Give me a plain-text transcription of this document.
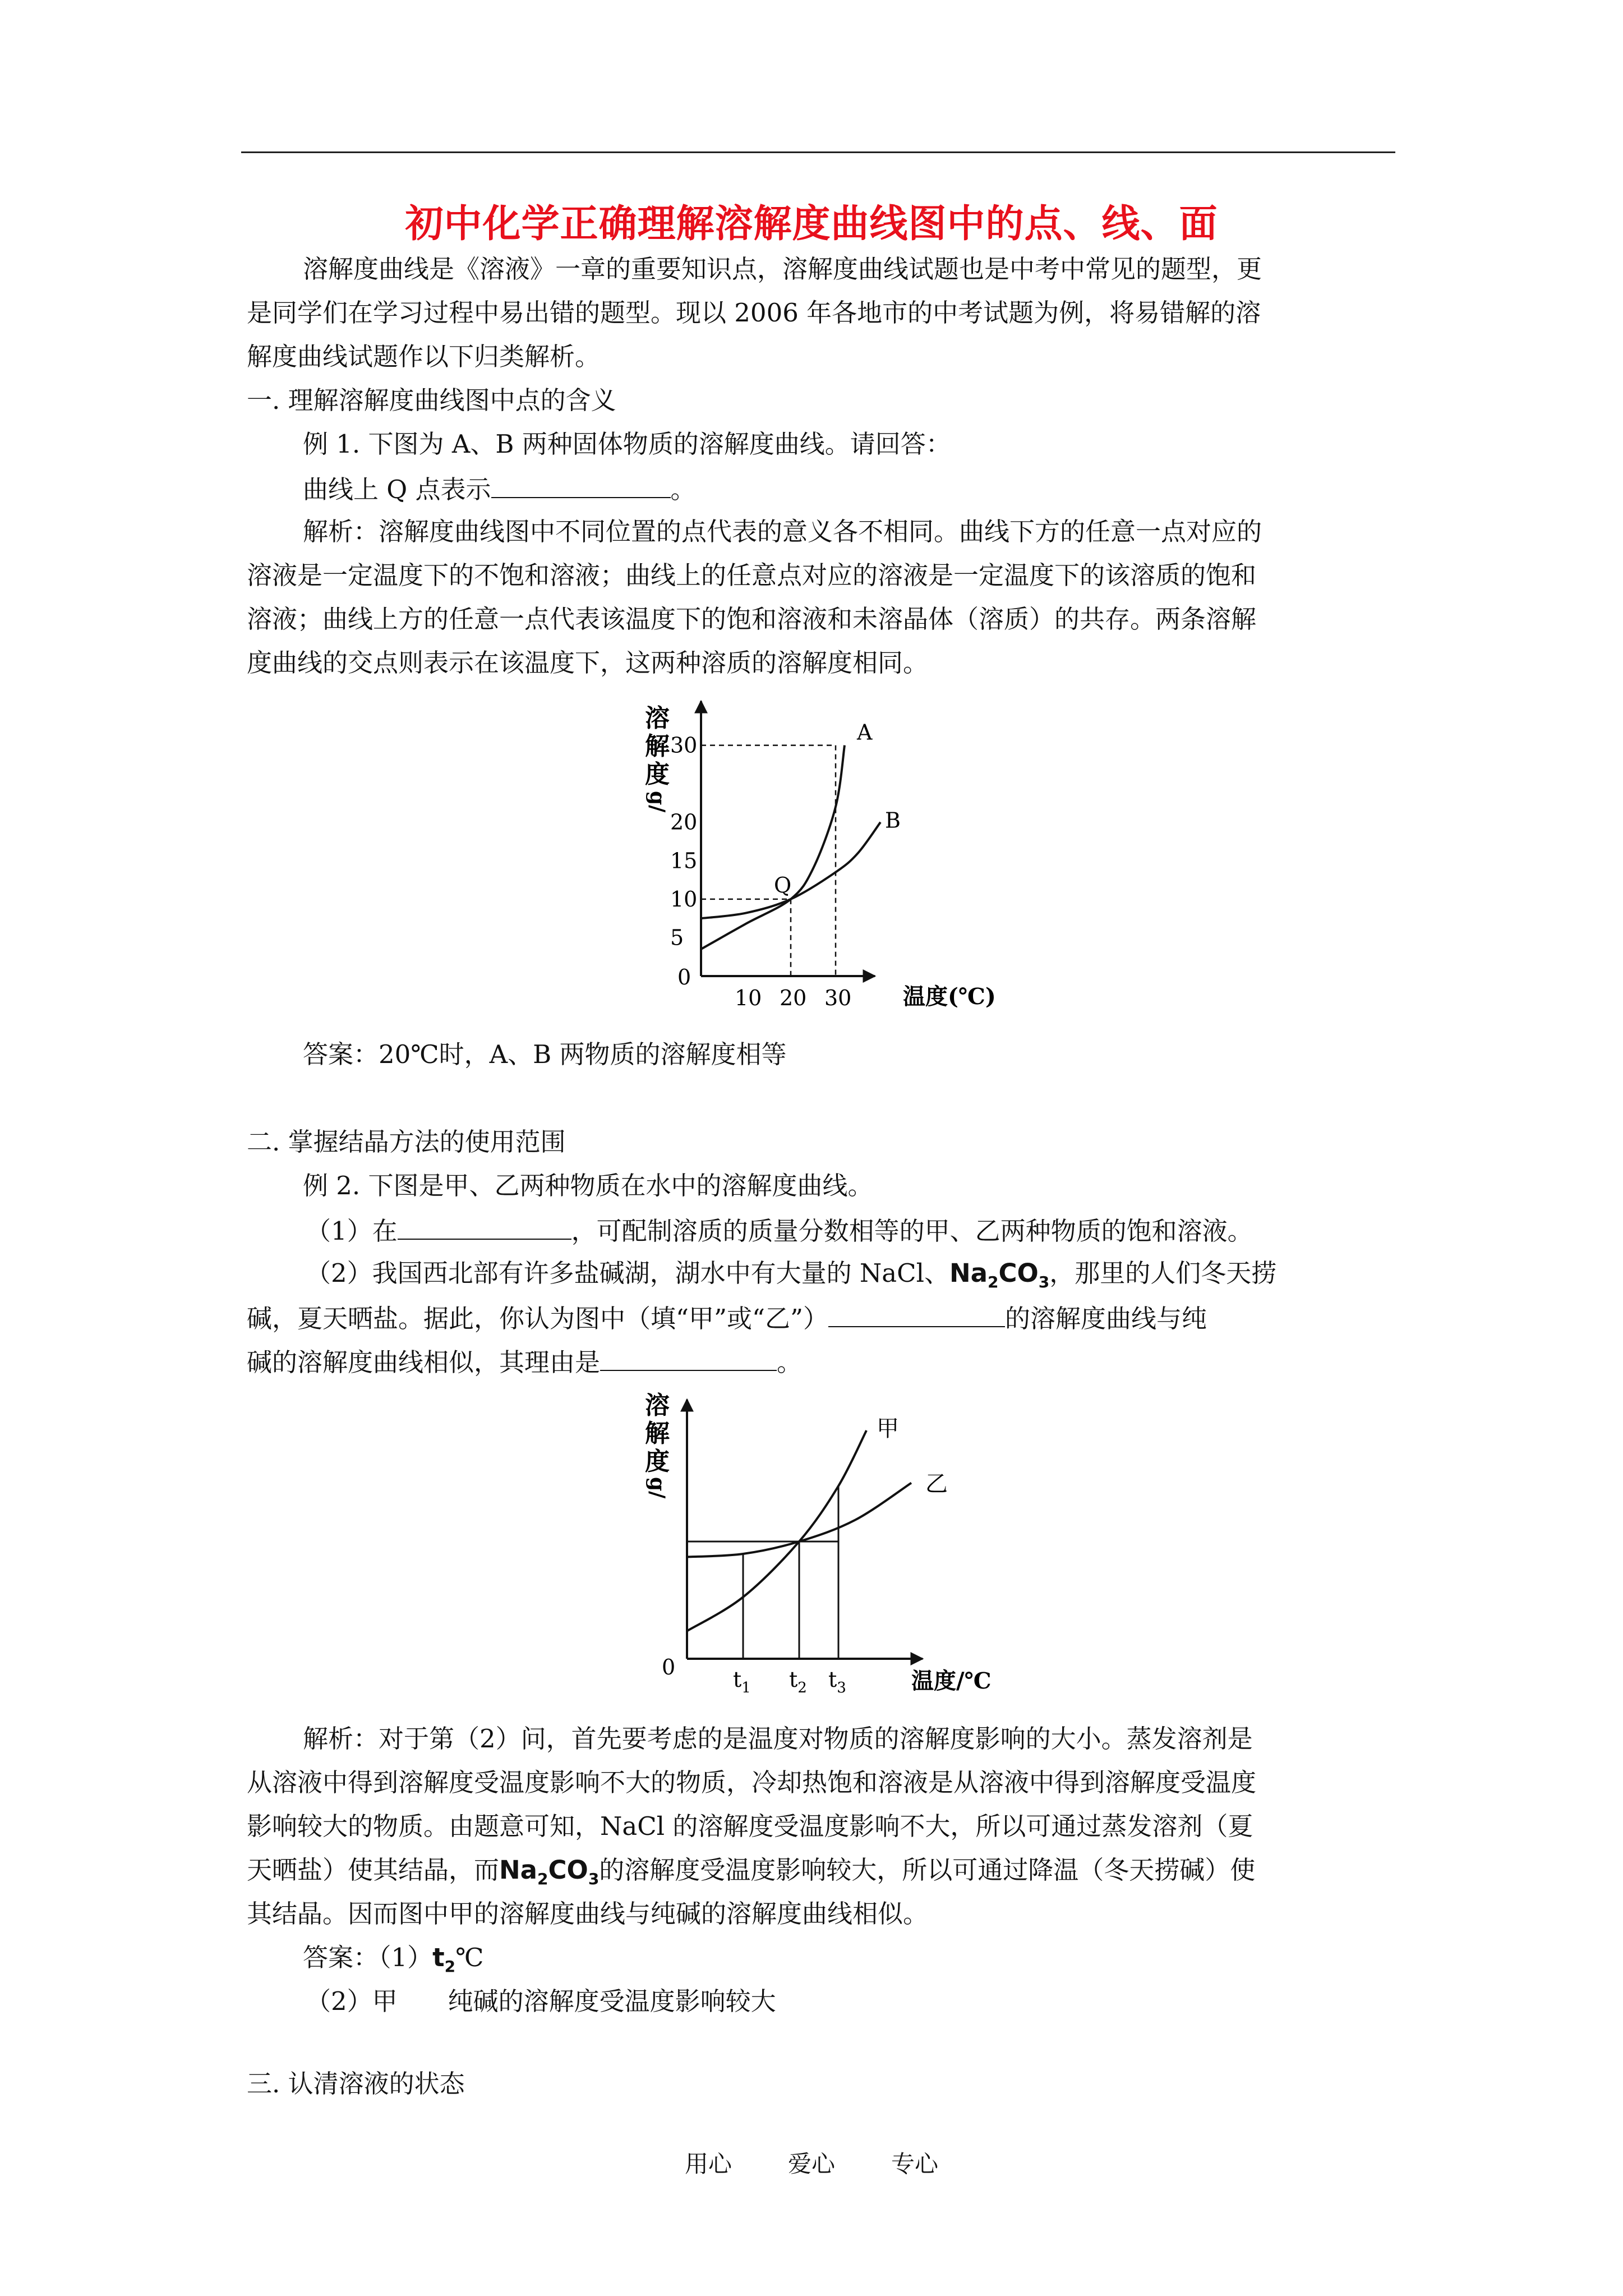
初中化学正确理解溶解度曲线图中的点、线、面
溶解度曲线是《溶液》一章的重要知识点，溶解度曲线试题也是中考中常见的题型，更
是同学们在学习过程中易出错的题型。现以 2006 年各地市的中考试题为例，将易错解的溶
解度曲线试题作以下归类解析。
一. 理解溶解度曲线图中点的含义
例 1. 下图为 A、B 两种固体物质的溶解度曲线。请回答：
曲线上 Q 点表示	。
解析：溶解度曲线图中不同位置的点代表的意义各不相同。曲线下方的任意一点对应的
溶液是一定温度下的不饱和溶液；曲线上的任意点对应的溶液是一定温度下的该溶质的饱和
溶液；曲线上方的任意一点代表该温度下的饱和溶液和未溶晶体（溶质）的共存。两条溶解
度曲线的交点则表示在该温度下，这两种溶质的溶解度相同。
溶
解
度
g/
0
温度(℃)
5
10
15
20
30
10 20 30
Q
A
B
答案：20℃时，A、B 两物质的溶解度相等
二. 掌握结晶方法的使用范围
例 2. 下图是甲、乙两种物质在水中的溶解度曲线。
（1）在	，可配制溶质的质量分数相等的甲、乙两种物质的饱和溶液。
（2）我国西北部有许多盐碱湖，湖水中有大量的 NaCl、$Na_2CO_3$，那里的人们冬天捞
碱，夏天晒盐。据此，你认为图中（填“甲”或“乙”）	的溶解度曲线与纯
碱的溶解度曲线相似，其理由是	。
溶
解
度
g/
0
温度/℃
$t_1$ $t_2$ $t_3$
甲
乙
解析：对于第（2）问，首先要考虑的是温度对物质的溶解度影响的大小。蒸发溶剂是
从溶液中得到溶解度受温度影响不大的物质，冷却热饱和溶液是从溶液中得到溶解度受温度
影响较大的物质。由题意可知，NaCl 的溶解度受温度影响不大，所以可通过蒸发溶剂（夏
天晒盐）使其结晶，而$Na_2CO_3$的溶解度受温度影响较大，所以可通过降温（冬天捞碱）使
其结晶。因而图中甲的溶解度曲线与纯碱的溶解度曲线相似。
答案：$(1)t_2℃$
（2）甲　　纯碱的溶解度受温度影响较大
三. 认清溶液的状态
用心 爱心 专心
